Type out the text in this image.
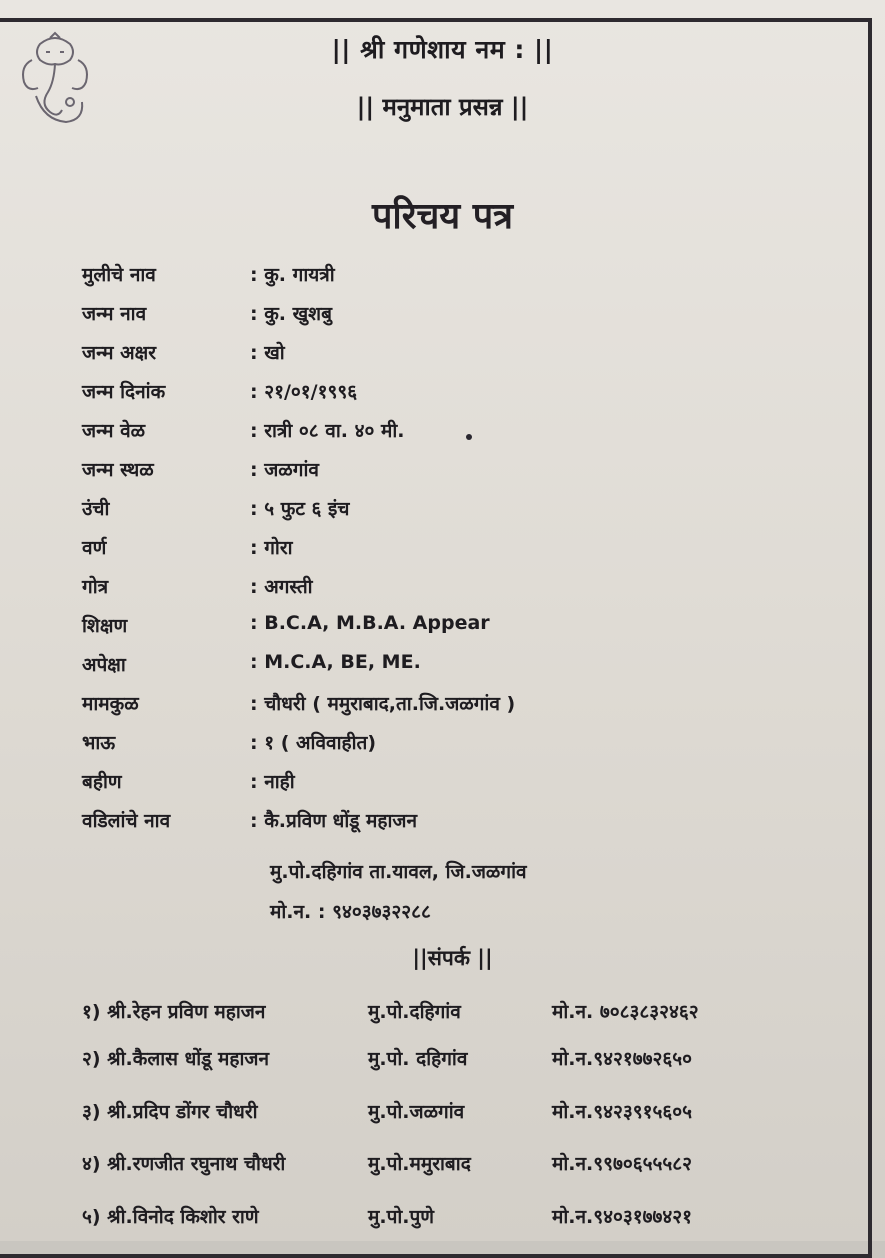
|| श्री गणेशाय नम : ||
|| मनुमाता प्रसन्न ||
परिचय पत्र
मुलीचे नाव	: कु. गायत्री
जन्म नाव	: कु. खुशबु
जन्म अक्षर	: खो
जन्म दिनांक	: २१/०१/१९९६
जन्म वेळ	: रात्री ०८ वा. ४० मी.
जन्म स्थळ	: जळगांव
उंची	: ५ फुट ६ इंच
वर्ण	: गोरा
गोत्र	: अगस्ती
शिक्षण	: B.C.A, M.B.A. Appear
अपेक्षा	: M.C.A, BE, ME.
मामकुळ	: चौधरी ( ममुराबाद,ता.जि.जळगांव )
भाऊ	: १ ( अविवाहीत)
बहीण	: नाही
वडिलांचे नाव	: कै.प्रविण धोंडू महाजन
मु.पो.दहिगांव ता.यावल, जि.जळगांव
मो.न. : ९४०३७३२२८८
||संपर्क ||
१) श्री.रेहन प्रविण महाजन	मु.पो.दहिगांव	मो.न. ७०८३८३२४६२
२) श्री.कैलास धोंडू महाजन	मु.पो. दहिगांव	मो.न.९४२१७७२६५०
३) श्री.प्रदिप डोंगर चौधरी	मु.पो.जळगांव	मो.न.९४२३९१५६०५
४) श्री.रणजीत रघुनाथ चौधरी	मु.पो.ममुराबाद	मो.न.९९७०६५५५८२
५) श्री.विनोद किशोर राणे	मु.पो.पुणे	मो.न.९४०३१७७४२१
